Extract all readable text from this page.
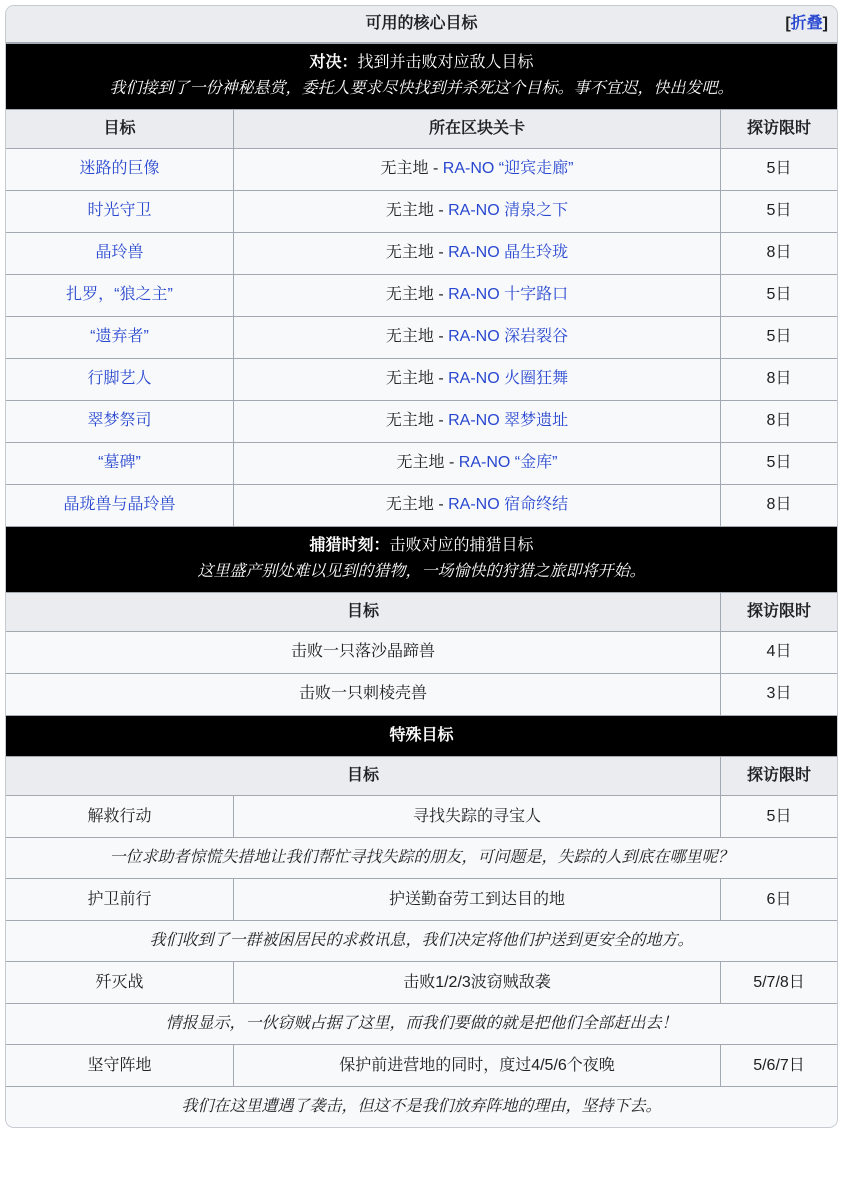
可用的核心目标	[折叠]
对决：找到并击败对应敌人目标
我们接到了一份神秘悬赏，委托人要求尽快找到并杀死这个目标。事不宜迟，快出发吧。		

目标	所在区块关卡	探访限时
迷路的巨像	无主地 - RA-NO “迎宾走廊”	5日
时光守卫	无主地 - RA-NO 清泉之下	5日
晶玲兽	无主地 - RA-NO 晶生玲珑	8日
扎罗，“狼之主”	无主地 - RA-NO 十字路口	5日
“遗弃者”	无主地 - RA-NO 深岩裂谷	5日
行脚艺人	无主地 - RA-NO 火圈狂舞	8日
翠梦祭司	无主地 - RA-NO 翠梦遗址	8日
“墓碑”	无主地 - RA-NO “金库”	5日
晶珑兽与晶玲兽	无主地 - RA-NO 宿命终结	8日

捕猎时刻：击败对应的捕猎目标
这里盛产别处难以见到的猎物，一场愉快的狩猎之旅即将开始。		

目标		探访限时
击败一只落沙晶蹄兽		4日
击败一只刺棱壳兽		3日
特殊目标		
目标		探访限时
解救行动	寻找失踪的寻宝人	5日
一位求助者惊慌失措地让我们帮忙寻找失踪的朋友，可问题是，失踪的人到底在哪里呢？		
护卫前行	护送勤奋劳工到达目的地	6日
我们收到了一群被困居民的求救讯息，我们决定将他们护送到更安全的地方。		
歼灭战	击败1/2/3波窃贼敌袭	5/7/8日
情报显示，一伙窃贼占据了这里，而我们要做的就是把他们全部赶出去！		
坚守阵地	保护前进营地的同时，度过4/5/6个夜晚	5/6/7日
我们在这里遭遇了袭击，但这不是我们放弃阵地的理由，坚持下去。		
